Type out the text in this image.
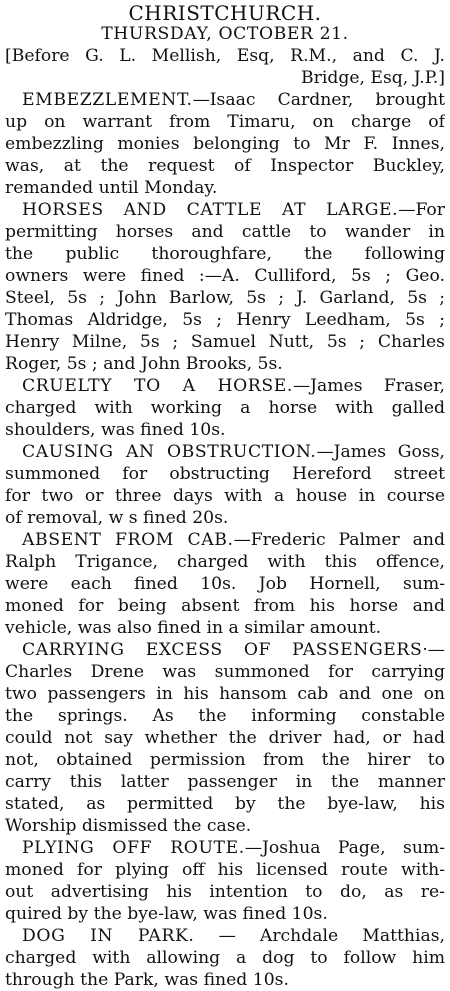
CHRISTCHURCH.
THURSDAY, OCTOBER 21.
[Before G. L. Mellish, Esq, R.M., and C. J.
Bridge, Esq, J.P.]
EMBEZZLEMENT.—Isaac Cardner, brought
up on warrant from Timaru, on charge of
embezzling monies belonging to Mr F. Innes,
was, at the request of Inspector Buckley,
remanded until Monday.
HORSES AND CATTLE AT LARGE.—For
permitting horses and cattle to wander in
the public thoroughfare, the following
owners were fined :—A. Culliford, 5s ; Geo.
Steel, 5s ; John Barlow, 5s ; J. Garland, 5s ;
Thomas Aldridge, 5s ; Henry Leedham, 5s ;
Henry Milne, 5s ; Samuel Nutt, 5s ; Charles
Roger, 5s ; and John Brooks, 5s.
CRUELTY TO A HORSE.—James Fraser,
charged with working a horse with galled
shoulders, was fined 10s.
CAUSING AN OBSTRUCTION.—James Goss,
summoned for obstructing Hereford street
for two or three days with a house in course
of removal, w s fined 20s.
ABSENT FROM CAB.—Frederic Palmer and
Ralph Trigance, charged with this offence,
were each fined 10s. Job Hornell, sum-
moned for being absent from his horse and
vehicle, was also fined in a similar amount.
CARRYING EXCESS OF PASSENGERS·—
Charles Drene was summoned for carrying
two passengers in his hansom cab and one on
the springs. As the informing constable
could not say whether the driver had, or had
not, obtained permission from the hirer to
carry this latter passenger in the manner
stated, as permitted by the bye-law, his
Worship dismissed the case.
PLYING OFF ROUTE.—Joshua Page, sum-
moned for plying off his licensed route with-
out advertising his intention to do, as re-
quired by the bye-law, was fined 10s.
DOG IN PARK. — Archdale Matthias,
charged with allowing a dog to follow him
through the Park, was fined 10s.
